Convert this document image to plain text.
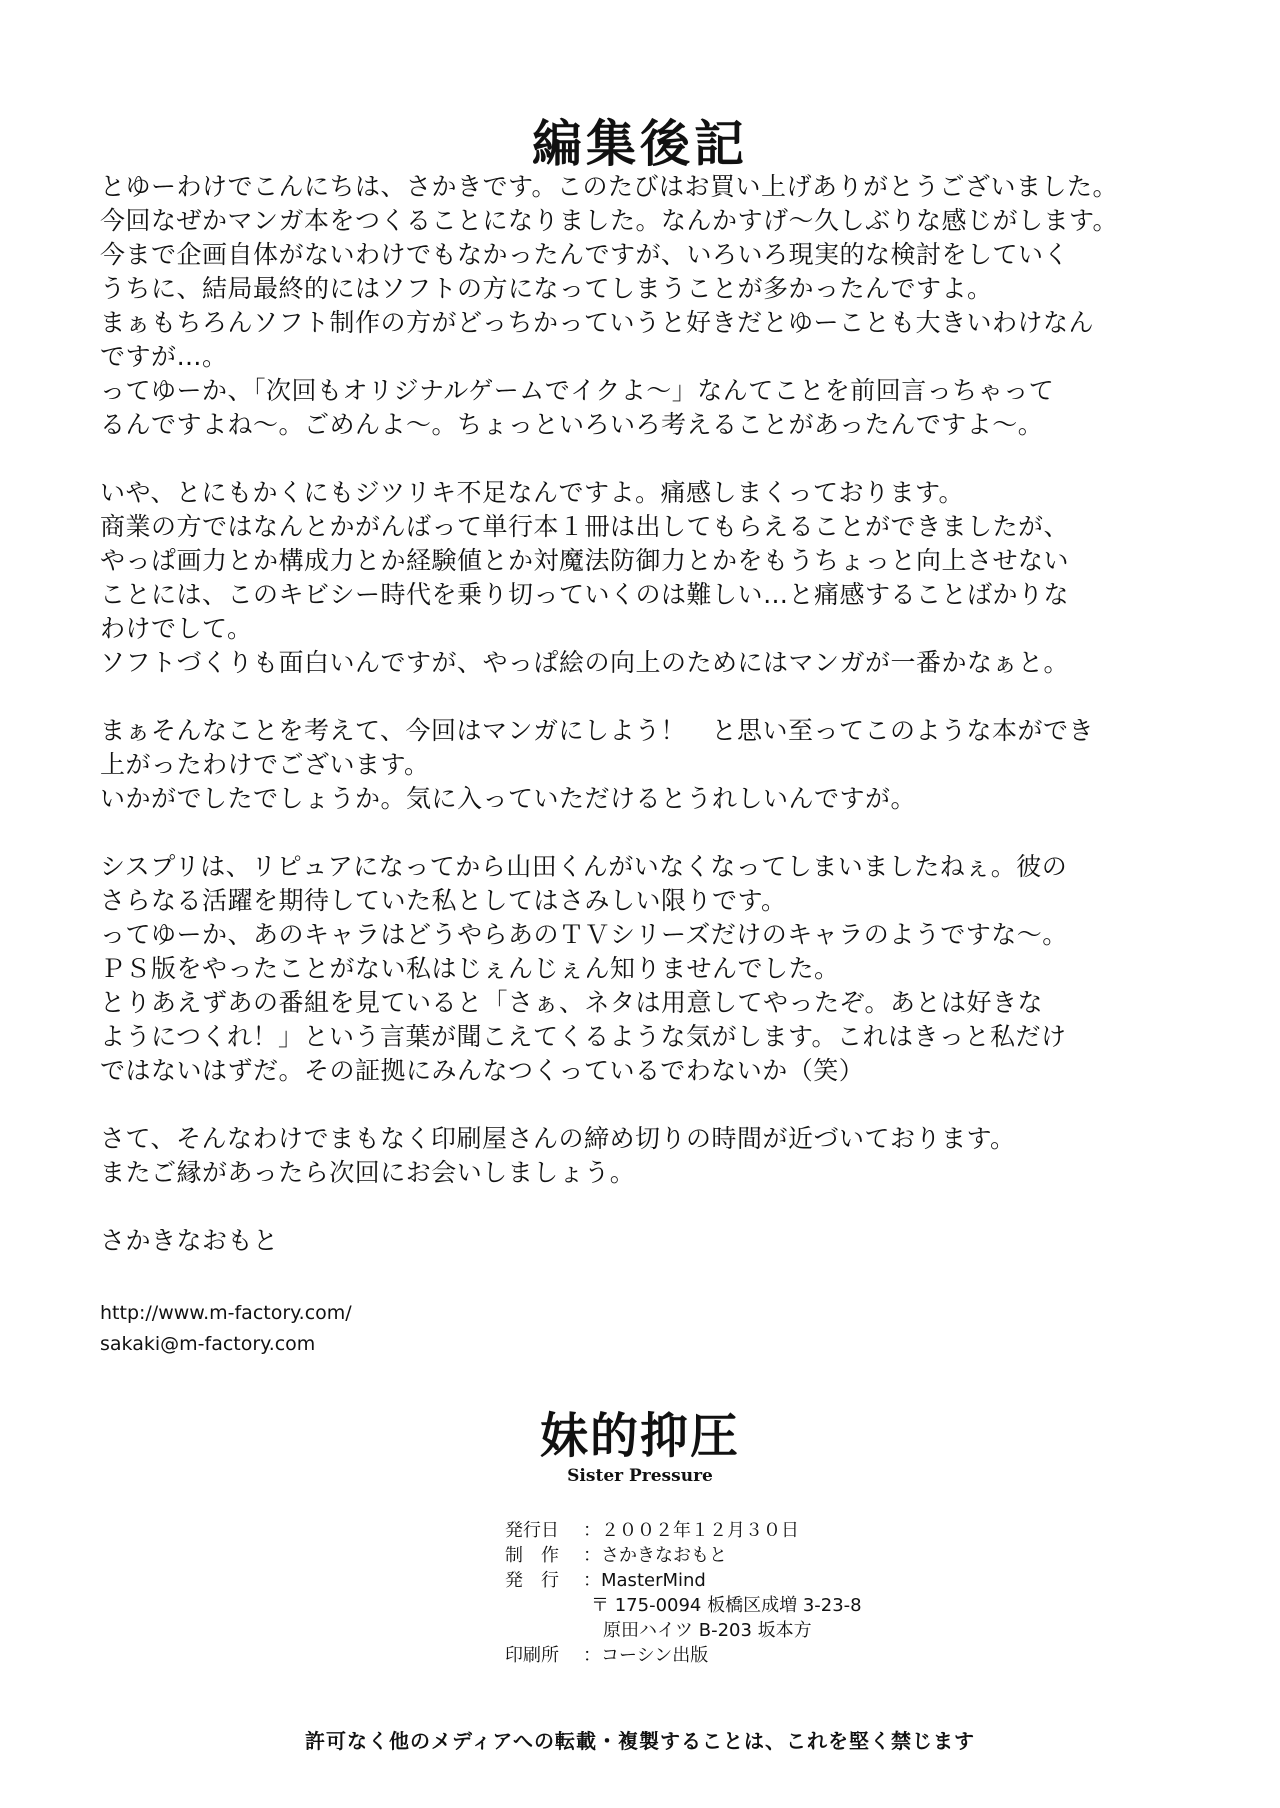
編集後記
とゆーわけでこんにちは、さかきです。このたびはお買い上げありがとうございました。
今回なぜかマンガ本をつくることになりました。なんかすげ～久しぶりな感じがします。
今まで企画自体がないわけでもなかったんですが、いろいろ現実的な検討をしていく
うちに、結局最終的にはソフトの方になってしまうことが多かったんですよ。
まぁもちろんソフト制作の方がどっちかっていうと好きだとゆーことも大きいわけなん
ですが…。
ってゆーか、「次回もオリジナルゲームでイクよ～」なんてことを前回言っちゃって
るんですよね～。ごめんよ～。ちょっといろいろ考えることがあったんですよ～。
いや、とにもかくにもジツリキ不足なんですよ。痛感しまくっております。
商業の方ではなんとかがんばって単行本１冊は出してもらえることができましたが、
やっぱ画力とか構成力とか経験値とか対魔法防御力とかをもうちょっと向上させない
ことには、このキビシー時代を乗り切っていくのは難しい…と痛感することばかりな
わけでして。
ソフトづくりも面白いんですが、やっぱ絵の向上のためにはマンガが一番かなぁと。
まぁそんなことを考えて、今回はマンガにしよう！　と思い至ってこのような本ができ
上がったわけでございます。
いかがでしたでしょうか。気に入っていただけるとうれしいんですが。
シスプリは、リピュアになってから山田くんがいなくなってしまいましたねぇ。彼の
さらなる活躍を期待していた私としてはさみしい限りです。
ってゆーか、あのキャラはどうやらあのＴＶシリーズだけのキャラのようですな～。
ＰＳ版をやったことがない私はじぇんじぇん知りませんでした。
とりあえずあの番組を見ていると「さぁ、ネタは用意してやったぞ。あとは好きな
ようにつくれ！」という言葉が聞こえてくるような気がします。これはきっと私だけ
ではないはずだ。その証拠にみんなつくっているでわないか（笑）
さて、そんなわけでまもなく印刷屋さんの締め切りの時間が近づいております。
またご縁があったら次回にお会いしましょう。
さかきなおもと
http://www.m-factory.com/
sakaki@m-factory.com
妹的抑圧
Sister Pressure
発行日	： ２００２年１２月３０日
制　作	： さかきなおもと
発　行	： MasterMind
〒 175-0094 板橋区成増 3-23-8
原田ハイツ B-203 坂本方
印刷所	： コーシン出版
許可なく他のメディアへの転載・複製することは、これを堅く禁じます
